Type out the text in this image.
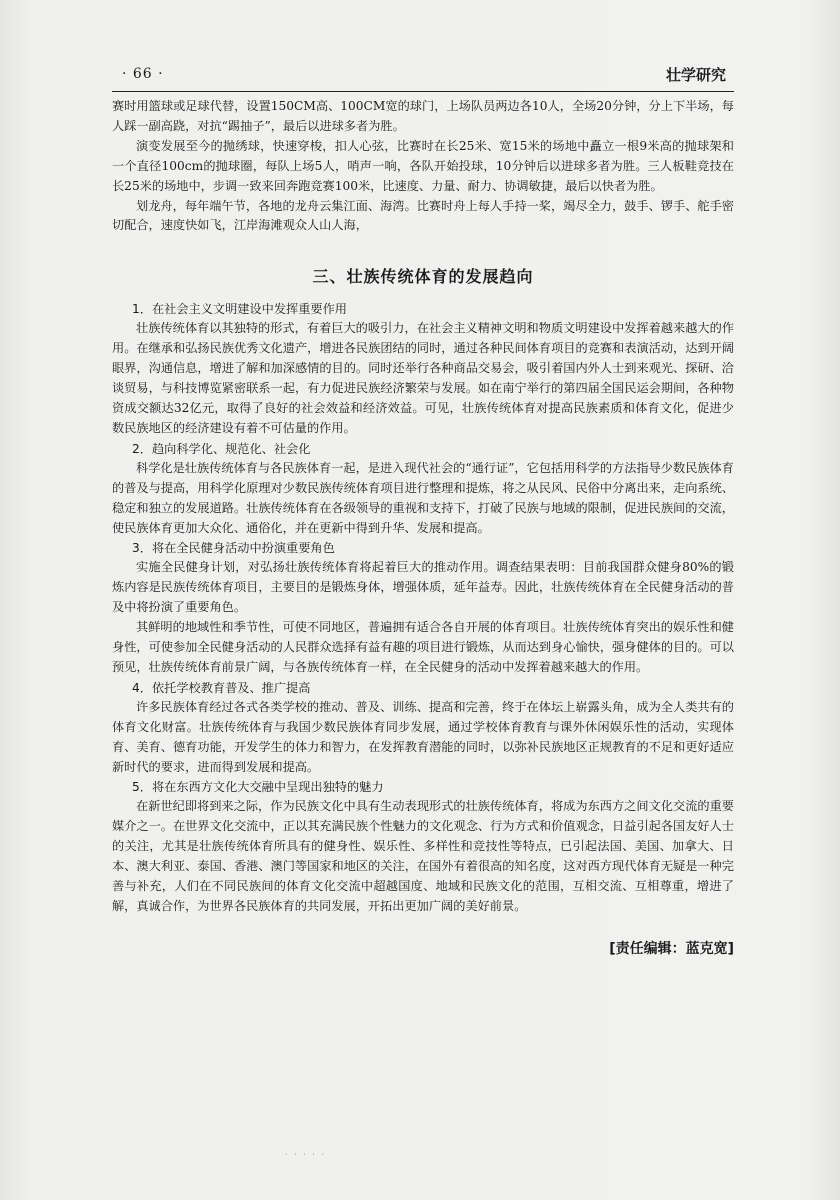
· 66 ·	壮学研究

赛时用篮球或足球代替，设置150CM高、100CM宽的球门，上场队员两边各10人，全场20分钟，分上下半场，每人踩一副高跷，对抗“踢抽子”，最后以进球多者为胜。

演变发展至今的抛绣球，快速穿梭，扣人心弦，比赛时在长25米、宽15米的场地中矗立一根9米高的抛球架和一个直径100cm的抛球圈，每队上场5人，哨声一响，各队开始投球，10分钟后以进球多者为胜。三人板鞋竞技在长25米的场地中，步调一致来回奔跑竞赛100米，比速度、力量、耐力、协调敏捷，最后以快者为胜。

划龙舟，每年端午节，各地的龙舟云集江面、海湾。比赛时舟上每人手持一桨，竭尽全力，鼓手、锣手、舵手密切配合，速度快如飞，江岸海滩观众人山人海，

三、壮族传统体育的发展趋向

1．在社会主义文明建设中发挥重要作用

壮族传统体育以其独特的形式，有着巨大的吸引力，在社会主义精神文明和物质文明建设中发挥着越来越大的作用。在继承和弘扬民族优秀文化遗产，增进各民族团结的同时，通过各种民间体育项目的竞赛和表演活动，达到开阔眼界，沟通信息，增进了解和加深感情的目的。同时还举行各种商品交易会，吸引着国内外人士到来观光、探研、洽谈贸易，与科技博览紧密联系一起，有力促进民族经济繁荣与发展。如在南宁举行的第四届全国民运会期间，各种物资成交额达32亿元，取得了良好的社会效益和经济效益。可见，壮族传统体育对提高民族素质和体育文化，促进少数民族地区的经济建设有着不可估量的作用。

2．趋向科学化、规范化、社会化

科学化是壮族传统体育与各民族体育一起，是进入现代社会的“通行证”，它包括用科学的方法指导少数民族体育的普及与提高，用科学化原理对少数民族传统体育项目进行整理和提炼，将之从民风、民俗中分离出来，走向系统、稳定和独立的发展道路。壮族传统体育在各级领导的重视和支持下，打破了民族与地域的限制，促进民族间的交流，使民族体育更加大众化、通俗化，并在更新中得到升华、发展和提高。

3．将在全民健身活动中扮演重要角色

实施全民健身计划，对弘扬壮族传统体育将起着巨大的推动作用。调查结果表明：目前我国群众健身80%的锻炼内容是民族传统体育项目，主要目的是锻炼身体，增强体质，延年益寿。因此，壮族传统体育在全民健身活动的普及中将扮演了重要角色。

其鲜明的地域性和季节性，可使不同地区，普遍拥有适合各自开展的体育项目。壮族传统体育突出的娱乐性和健身性，可使参加全民健身活动的人民群众选择有益有趣的项目进行锻炼，从而达到身心愉快，强身健体的目的。可以预见，壮族传统体育前景广阔，与各族传统体育一样，在全民健身的活动中发挥着越来越大的作用。

4．依托学校教育普及、推广提高

许多民族体育经过各式各类学校的推动、普及、训练、提高和完善，终于在体坛上崭露头角，成为全人类共有的体育文化财富。壮族传统体育与我国少数民族体育同步发展，通过学校体育教育与课外休闲娱乐性的活动，实现体育、美育、德育功能，开发学生的体力和智力，在发挥教育潜能的同时，以弥补民族地区正规教育的不足和更好适应新时代的要求，进而得到发展和提高。

5．将在东西方文化大交融中呈现出独特的魅力

在新世纪即将到来之际，作为民族文化中具有生动表现形式的壮族传统体育，将成为东西方之间文化交流的重要媒介之一。在世界文化交流中，正以其充满民族个性魅力的文化观念、行为方式和价值观念，日益引起各国友好人士的关注，尤其是壮族传统体育所具有的健身性、娱乐性、多样性和竞技性等特点，已引起法国、美国、加拿大、日本、澳大利亚、泰国、香港、澳门等国家和地区的关注，在国外有着很高的知名度，这对西方现代体育无疑是一种完善与补充，人们在不同民族间的体育文化交流中超越国度、地域和民族文化的范围，互相交流、互相尊重，增进了解，真诚合作，为世界各民族体育的共同发展，开拓出更加广阔的美好前景。

[责任编辑：蓝克宽]
· · · · ·
